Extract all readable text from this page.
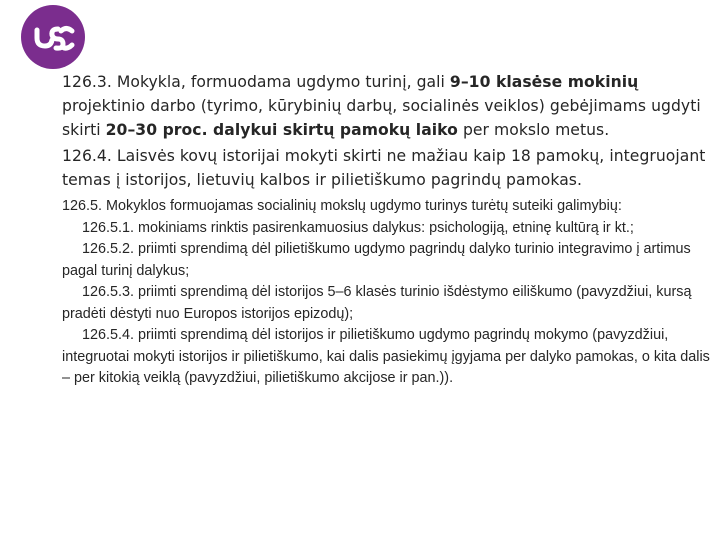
126.3. Mokykla, formuodama ugdymo turinį, gali 9–10 klasėse mokinių projektinio darbo (tyrimo, kūrybinių darbų, socialinės veiklos) gebėjimams ugdyti skirti 20–30 proc. dalykui skirtų pamokų laiko per mokslo metus.

126.4. Laisvės kovų istorijai mokyti skirti ne mažiau kaip 18 pamokų, integruojant temas į istorijos, lietuvių kalbos ir pilietiškumo pagrindų pamokas.

126.5. Mokyklos formuojamas socialinių mokslų ugdymo turinys turėtų suteiki galimybių:

126.5.1. mokiniams rinktis pasirenkamuosius dalykus: psichologiją, etninę kultūrą ir kt.;

126.5.2. priimti sprendimą dėl pilietiškumo ugdymo pagrindų dalyko turinio integravimo į artimus pagal turinį dalykus;

126.5.3. priimti sprendimą dėl istorijos 5–6 klasės turinio išdėstymo eiliškumo (pavyzdžiui, kursą pradėti dėstyti nuo Europos istorijos epizodų);

126.5.4. priimti sprendimą dėl istorijos ir pilietiškumo ugdymo pagrindų mokymo (pavyzdžiui, integruotai mokyti istorijos ir pilietiškumo, kai dalis pasiekimų įgyjama per dalyko pamokas, o kita dalis – per kitokią veiklą (pavyzdžiui, pilietiškumo akcijose ir pan.)).
